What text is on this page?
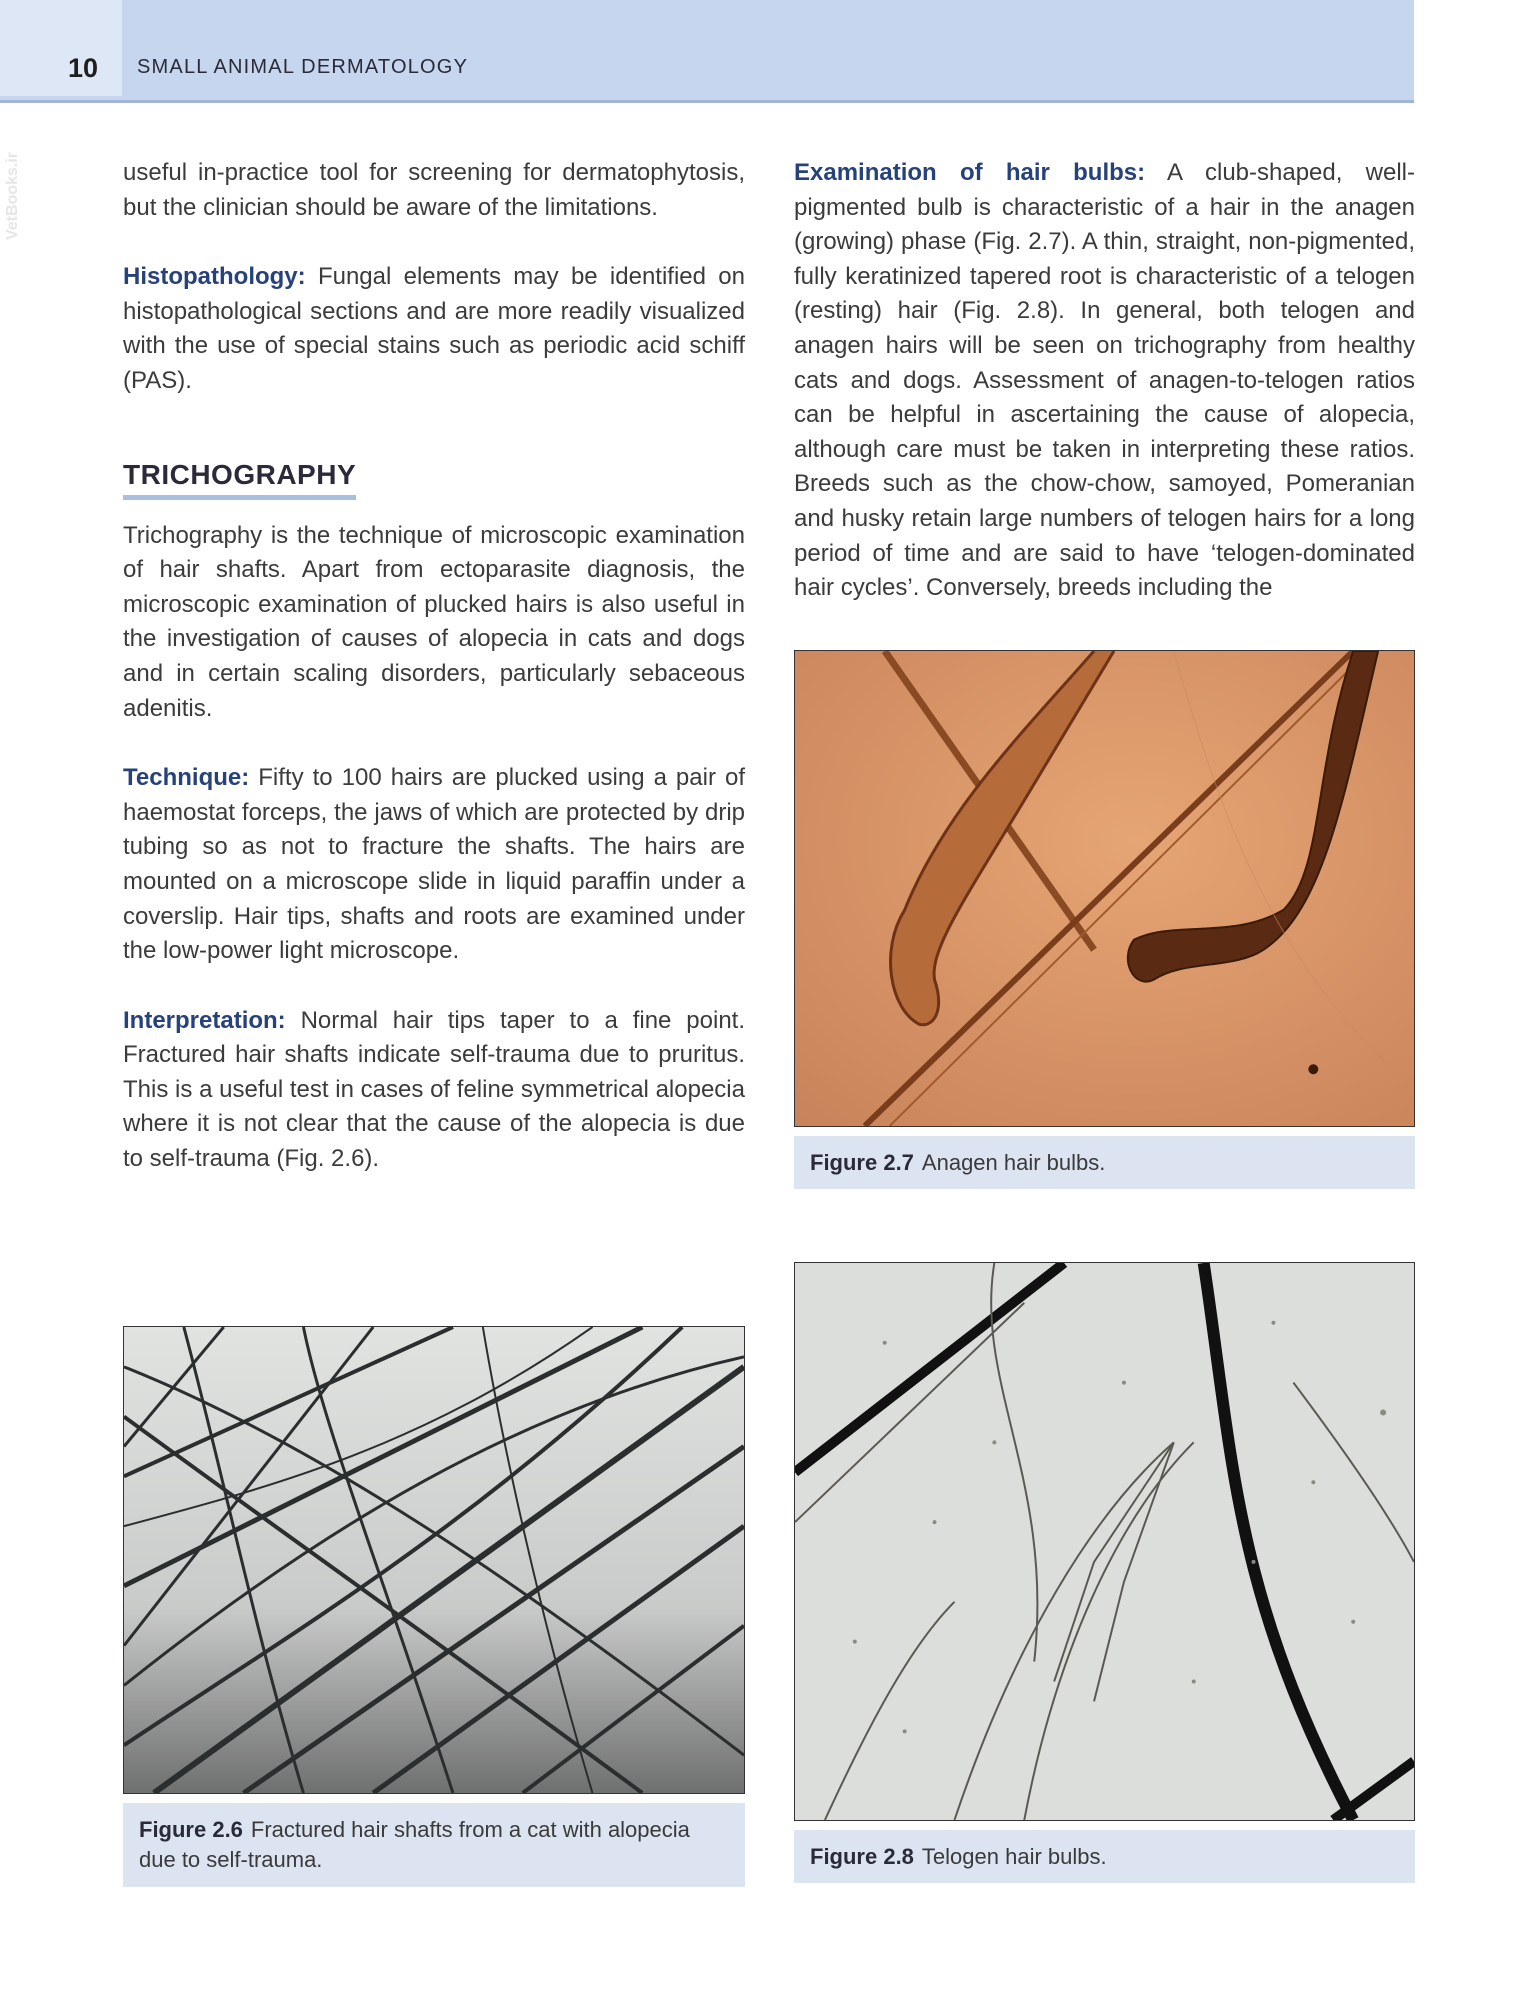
10 SMALL ANIMAL DERMATOLOGY
VetBooks.ir	useful in-practice tool for screening for dermatophytosis, but the clinician should be aware of the limitations.

Histopathology: Fungal elements may be identified on histopathological sections and are more readily visualized with the use of special stains such as periodic acid schiff (PAS).

TRICHOGRAPHY

Trichography is the technique of microscopic examination of hair shafts. Apart from ectoparasite diagnosis, the microscopic examination of plucked hairs is also useful in the investigation of causes of alopecia in cats and dogs and in certain scaling disorders, particularly sebaceous adenitis.

Technique: Fifty to 100 hairs are plucked using a pair of haemostat forceps, the jaws of which are protected by drip tubing so as not to fracture the shafts. The hairs are mounted on a microscope slide in liquid paraffin under a coverslip. Hair tips, shafts and roots are examined under the low-power light microscope.

Interpretation: Normal hair tips taper to a fine point. Fractured hair shafts indicate self-trauma due to pruritus. This is a useful test in cases of feline symmetrical alopecia where it is not clear that the cause of the alopecia is due to self-trauma (Fig. 2.6).

Examination of hair bulbs: A club-shaped, well-pigmented bulb is characteristic of a hair in the anagen (growing) phase (Fig. 2.7). A thin, straight, non-pigmented, fully keratinized tapered root is characteristic of a telogen (resting) hair (Fig. 2.8). In general, both telogen and anagen hairs will be seen on trichography from healthy cats and dogs. Assessment of anagen-to-telogen ratios can be helpful in ascertaining the cause of alopecia, although care must be taken in interpreting these ratios. Breeds such as the chow-chow, samoyed, Pomeranian and husky retain large numbers of telogen hairs for a long period of time and are said to have ‘telogen-dominated hair cycles’. Conversely, breeds including the

Figure 2.7 Anagen hair bulbs.
Figure 2.6 Fractured hair shafts from a cat with alopecia due to self-trauma.	Figure 2.8 Telogen hair bulbs.
